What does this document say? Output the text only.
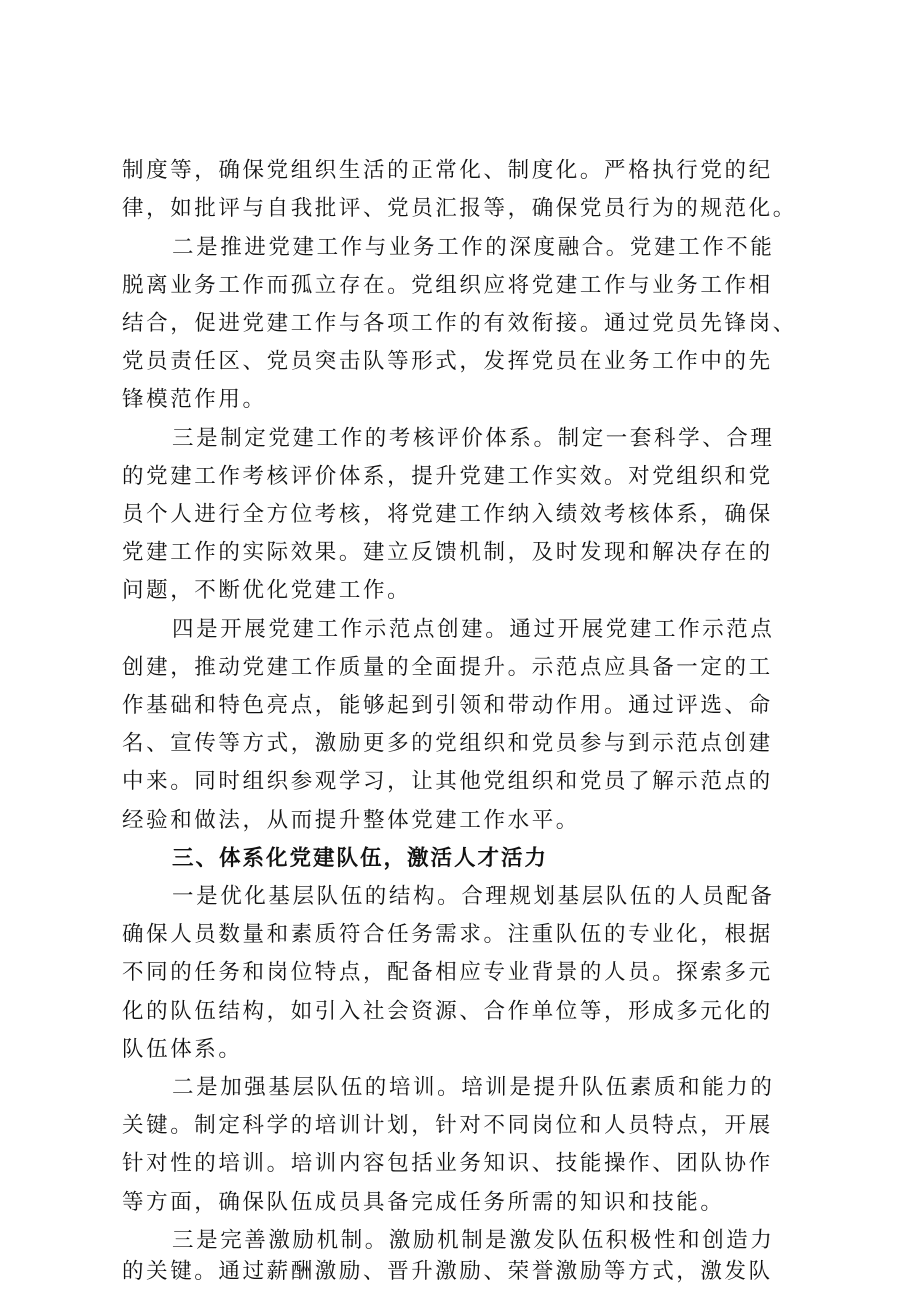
制度等，确保党组织生活的正常化、制度化。严格执行党的纪
律，如批评与自我批评、党员汇报等，确保党员行为的规范化。
二是推进党建工作与业务工作的深度融合。党建工作不能
脱离业务工作而孤立存在。党组织应将党建工作与业务工作相
结合，促进党建工作与各项工作的有效衔接。通过党员先锋岗、
党员责任区、党员突击队等形式，发挥党员在业务工作中的先
锋模范作用。
三是制定党建工作的考核评价体系。制定一套科学、合理
的党建工作考核评价体系，提升党建工作实效。对党组织和党
员个人进行全方位考核，将党建工作纳入绩效考核体系，确保
党建工作的实际效果。建立反馈机制，及时发现和解决存在的
问题，不断优化党建工作。
四是开展党建工作示范点创建。通过开展党建工作示范点
创建，推动党建工作质量的全面提升。示范点应具备一定的工
作基础和特色亮点，能够起到引领和带动作用。通过评选、命
名、宣传等方式，激励更多的党组织和党员参与到示范点创建
中来。同时组织参观学习，让其他党组织和党员了解示范点的
经验和做法，从而提升整体党建工作水平。
三、体系化党建队伍，激活人才活力
一是优化基层队伍的结构。合理规划基层队伍的人员配备
确保人员数量和素质符合任务需求。注重队伍的专业化，根据
不同的任务和岗位特点，配备相应专业背景的人员。探索多元
化的队伍结构，如引入社会资源、合作单位等，形成多元化的
队伍体系。
二是加强基层队伍的培训。培训是提升队伍素质和能力的
关键。制定科学的培训计划，针对不同岗位和人员特点，开展
针对性的培训。培训内容包括业务知识、技能操作、团队协作
等方面，确保队伍成员具备完成任务所需的知识和技能。
三是完善激励机制。激励机制是激发队伍积极性和创造力
的关键。通过薪酬激励、晋升激励、荣誉激励等方式，激发队
